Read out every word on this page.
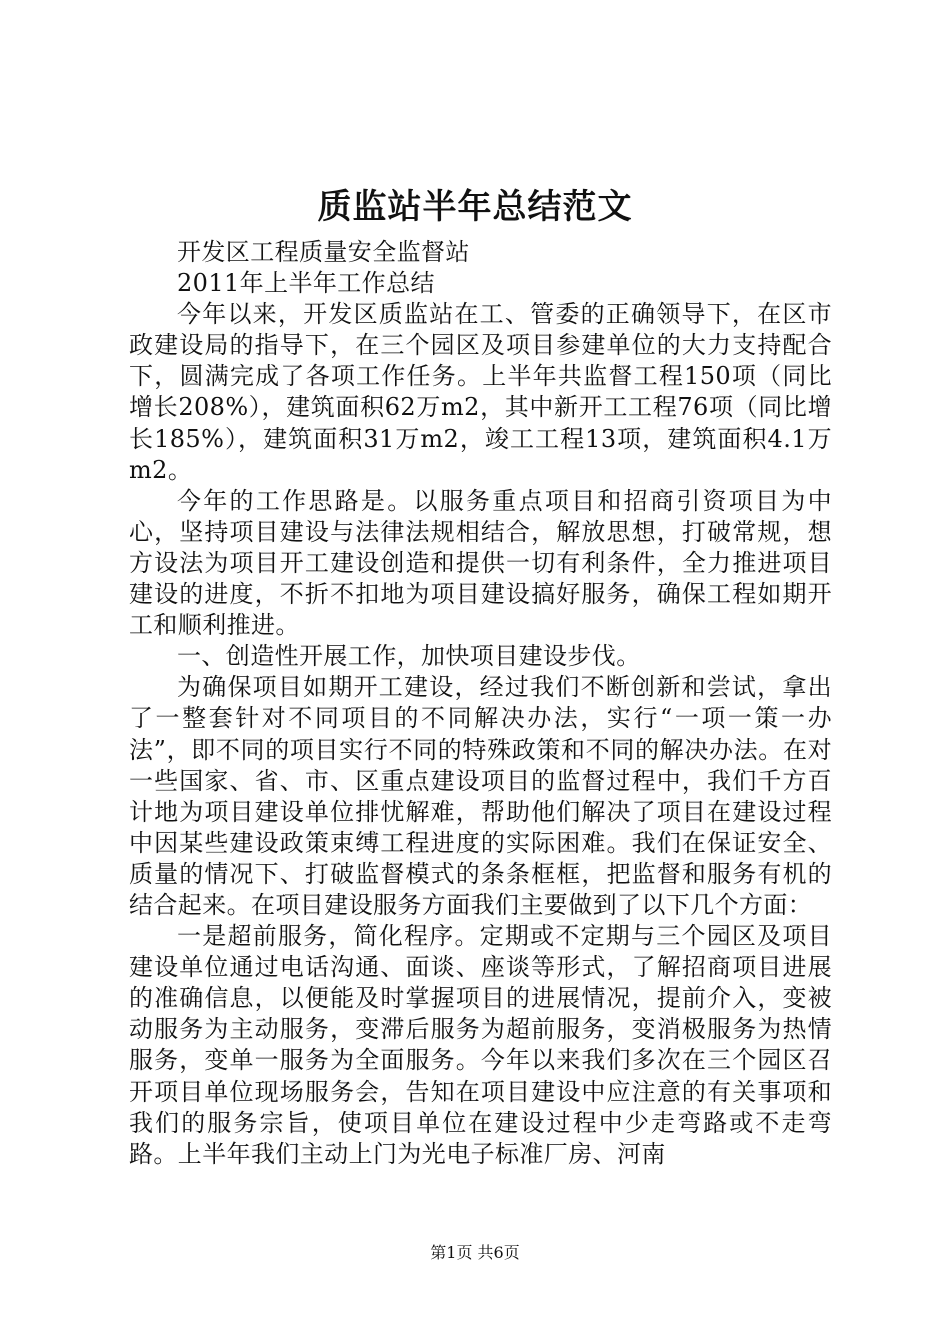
质监站半年总结范文

开发区工程质量安全监督站

2011年上半年工作总结

今年以来，开发区质监站在工、管委的正确领导下，在区市政建设局的指导下，在三个园区及项目参建单位的大力支持配合下，圆满完成了各项工作任务。上半年共监督工程150项（同比增长208%），建筑面积62万m2，其中新开工工程76项（同比增长185%），建筑面积31万m2，竣工工程13项，建筑面积4.1万m2。

今年的工作思路是。以服务重点项目和招商引资项目为中心，坚持项目建设与法律法规相结合，解放思想，打破常规，想方设法为项目开工建设创造和提供一切有利条件，全力推进项目建设的进度，不折不扣地为项目建设搞好服务，确保工程如期开工和顺利推进。

一、创造性开展工作，加快项目建设步伐。

为确保项目如期开工建设，经过我们不断创新和尝试，拿出了一整套针对不同项目的不同解决办法，实行“一项一策一办法”，即不同的项目实行不同的特殊政策和不同的解决办法。在对一些国家、省、市、区重点建设项目的监督过程中，我们千方百计地为项目建设单位排忧解难，帮助他们解决了项目在建设过程中因某些建设政策束缚工程进度的实际困难。我们在保证安全、质量的情况下、打破监督模式的条条框框，把监督和服务有机的结合起来。在项目建设服务方面我们主要做到了以下几个方面：

一是超前服务，简化程序。定期或不定期与三个园区及项目建设单位通过电话沟通、面谈、座谈等形式，了解招商项目进展的准确信息，以便能及时掌握项目的进展情况，提前介入，变被动服务为主动服务，变滞后服务为超前服务，变消极服务为热情服务，变单一服务为全面服务。今年以来我们多次在三个园区召开项目单位现场服务会，告知在项目建设中应注意的有关事项和我们的服务宗旨，使项目单位在建设过程中少走弯路或不走弯路。上半年我们主动上门为光电子标准厂房、河南

第1页 共6页
